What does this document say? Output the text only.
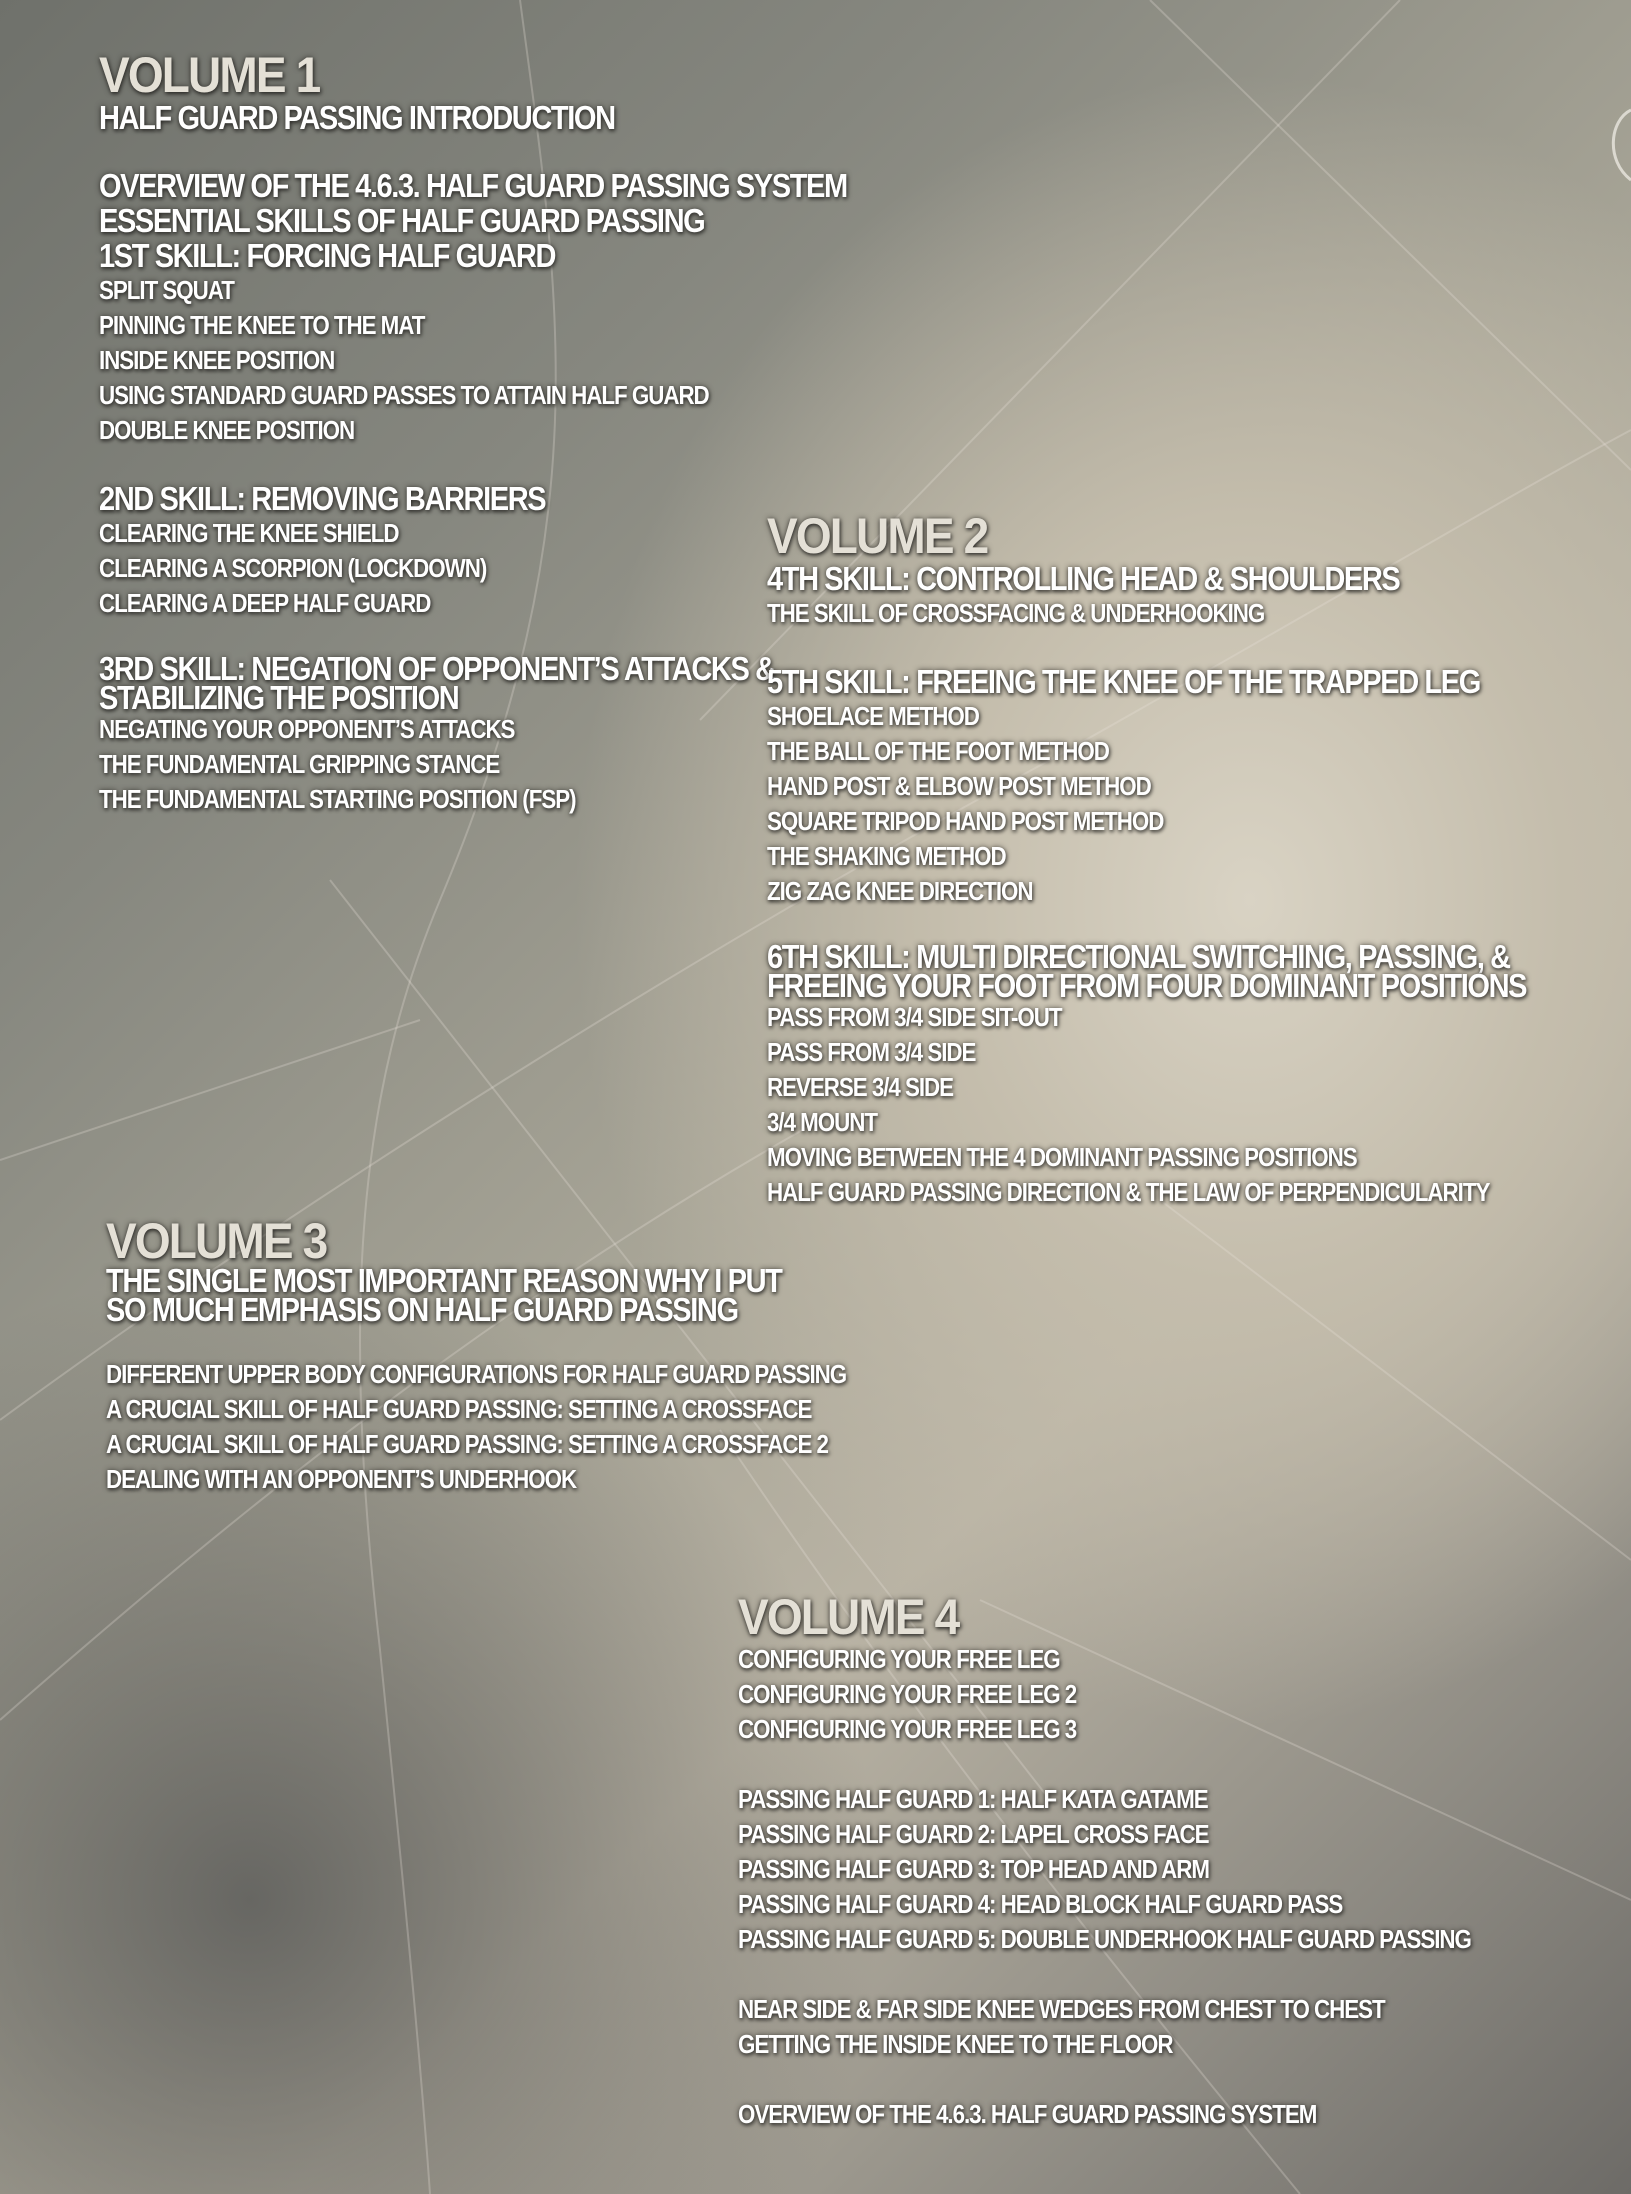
VOLUME 1
HALF GUARD PASSING INTRODUCTION
OVERVIEW OF THE 4.6.3. HALF GUARD PASSING SYSTEM
ESSENTIAL SKILLS OF HALF GUARD PASSING
1ST SKILL: FORCING HALF GUARD
SPLIT SQUAT
PINNING THE KNEE TO THE MAT
INSIDE KNEE POSITION
USING STANDARD GUARD PASSES TO ATTAIN HALF GUARD
DOUBLE KNEE POSITION
2ND SKILL: REMOVING BARRIERS
CLEARING THE KNEE SHIELD
CLEARING A SCORPION (LOCKDOWN)
CLEARING A DEEP HALF GUARD
3RD SKILL: NEGATION OF OPPONENT’S ATTACKS &
STABILIZING THE POSITION
NEGATING YOUR OPPONENT’S ATTACKS
THE FUNDAMENTAL GRIPPING STANCE
THE FUNDAMENTAL STARTING POSITION (FSP)
VOLUME 2
4TH SKILL: CONTROLLING HEAD & SHOULDERS
THE SKILL OF CROSSFACING & UNDERHOOKING
5TH SKILL: FREEING THE KNEE OF THE TRAPPED LEG
SHOELACE METHOD
THE BALL OF THE FOOT METHOD
HAND POST & ELBOW POST METHOD
SQUARE TRIPOD HAND POST METHOD
THE SHAKING METHOD
ZIG ZAG KNEE DIRECTION
6TH SKILL: MULTI DIRECTIONAL SWITCHING, PASSING, &
FREEING YOUR FOOT FROM FOUR DOMINANT POSITIONS
PASS FROM 3/4 SIDE SIT-OUT
PASS FROM 3/4 SIDE
REVERSE 3/4 SIDE
3/4 MOUNT
MOVING BETWEEN THE 4 DOMINANT PASSING POSITIONS
HALF GUARD PASSING DIRECTION & THE LAW OF PERPENDICULARITY
VOLUME 3
THE SINGLE MOST IMPORTANT REASON WHY I PUT
SO MUCH EMPHASIS ON HALF GUARD PASSING
DIFFERENT UPPER BODY CONFIGURATIONS FOR HALF GUARD PASSING
A CRUCIAL SKILL OF HALF GUARD PASSING: SETTING A CROSSFACE
A CRUCIAL SKILL OF HALF GUARD PASSING: SETTING A CROSSFACE 2
DEALING WITH AN OPPONENT’S UNDERHOOK
VOLUME 4
CONFIGURING YOUR FREE LEG
CONFIGURING YOUR FREE LEG 2
CONFIGURING YOUR FREE LEG 3
PASSING HALF GUARD 1: HALF KATA GATAME
PASSING HALF GUARD 2: LAPEL CROSS FACE
PASSING HALF GUARD 3: TOP HEAD AND ARM
PASSING HALF GUARD 4: HEAD BLOCK HALF GUARD PASS
PASSING HALF GUARD 5: DOUBLE UNDERHOOK HALF GUARD PASSING
NEAR SIDE & FAR SIDE KNEE WEDGES FROM CHEST TO CHEST
GETTING THE INSIDE KNEE TO THE FLOOR
OVERVIEW OF THE 4.6.3. HALF GUARD PASSING SYSTEM
